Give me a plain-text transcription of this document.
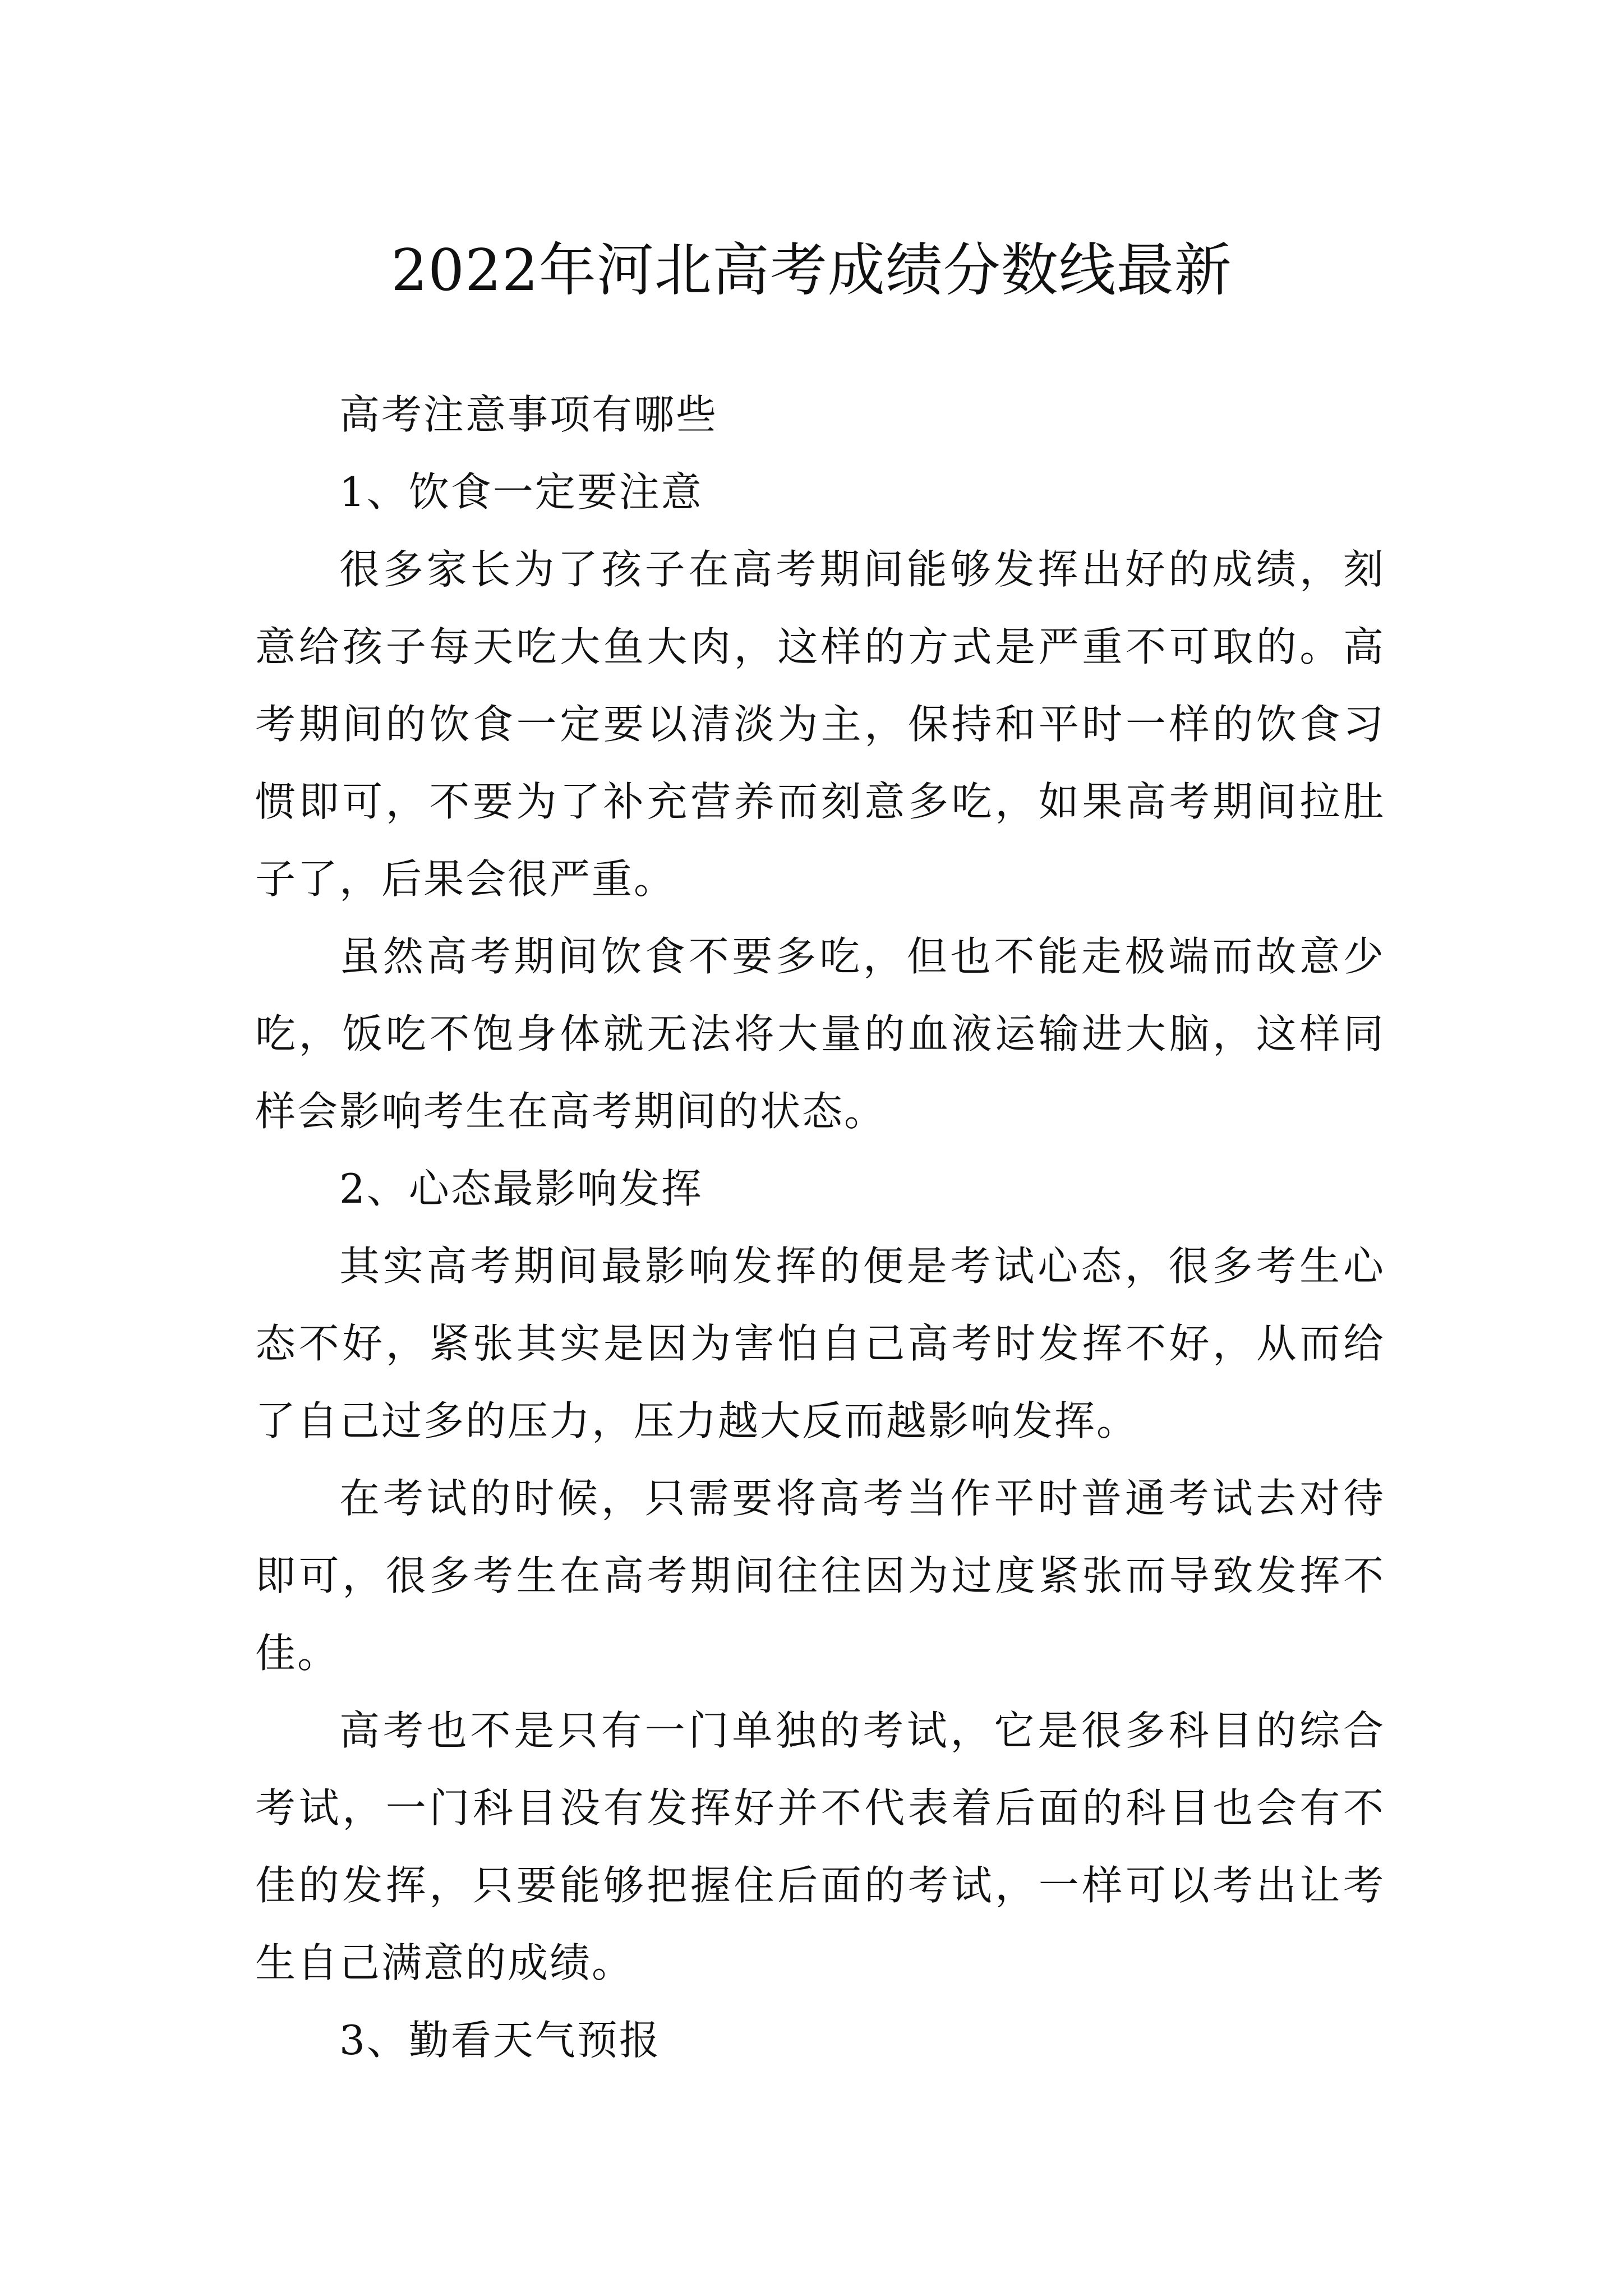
2022年河北高考成绩分数线最新

高考注意事项有哪些

1、饮食一定要注意

很多家长为了孩子在高考期间能够发挥出好的成绩，刻意给孩子每天吃大鱼大肉，这样的方式是严重不可取的。高考期间的饮食一定要以清淡为主，保持和平时一样的饮食习惯即可，不要为了补充营养而刻意多吃，如果高考期间拉肚子了，后果会很严重。

虽然高考期间饮食不要多吃，但也不能走极端而故意少吃，饭吃不饱身体就无法将大量的血液运输进大脑，这样同样会影响考生在高考期间的状态。

2、心态最影响发挥

其实高考期间最影响发挥的便是考试心态，很多考生心态不好，紧张其实是因为害怕自己高考时发挥不好，从而给了自己过多的压力，压力越大反而越影响发挥。

在考试的时候，只需要将高考当作平时普通考试去对待即可，很多考生在高考期间往往因为过度紧张而导致发挥不佳。

高考也不是只有一门单独的考试，它是很多科目的综合考试，一门科目没有发挥好并不代表着后面的科目也会有不佳的发挥，只要能够把握住后面的考试，一样可以考出让考生自己满意的成绩。

3、勤看天气预报
